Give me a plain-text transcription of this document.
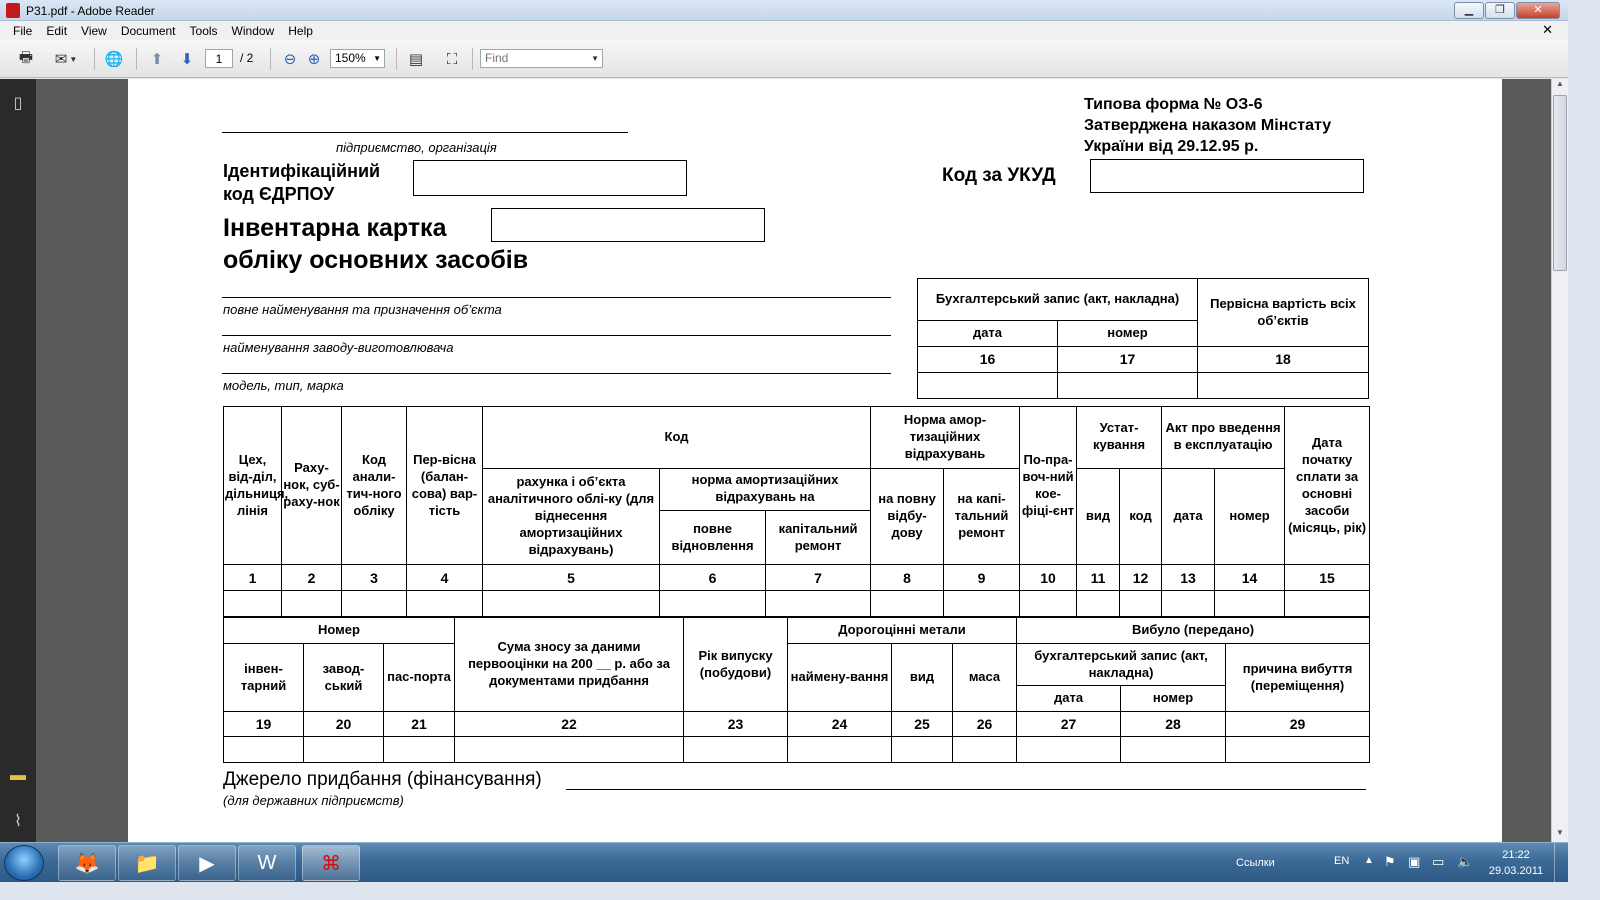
P31.pdf - Adobe Reader	▁	❐	✕
File	Edit	View	Document	Tools	Window	Help	✕
🖶	✉ ▼	🌐	⬆	⬇
1	/ 2 ⊖ ⊕	150% ▼	▤	⛶	Find	▼
▯
▬
⌇
Типова форма № ОЗ-6
Затверджена наказом Мінстату
України від 29.12.95 р.
підприємство, організація
Ідентифікаційний
код ЄДРПОУ
Код за УКУД
Інвентарна картка
обліку основних засобів
повне найменування та призначення об’єкта
найменування заводу-виготовлювача
модель, тип, марка
Бухгалтерський запис (акт, накладна)		Первісна вартість всіх об’єктів
дата	номер	
16	17	18

Цех, від-діл, дільниця, лінія	Раху-нок, суб-раху-нок	Код анали-тич-ного обліку	Пер-вісна (балан-сова) вар-тість	Код			Норма амор-тизаційних відрахувань		По-пра-воч-ний кое-фіці-єнт	Устат-кування		Акт про введення в експлуатацію		Дата початку сплати за основні засоби (місяць, рік)
				рахунка і об’єкта аналітичного облі-ку (для віднесення амортизаційних відрахувань)	норма амортизаційних відрахувань на		на повну відбу-дову	на капі-тальний ремонт		вид	код	дата	номер	
					повне відновлення	капітальний ремонт								
1	2	3	4	5	6	7	8	9	10	11	12	13	14	15

Номер			Сума зносу за даними первооцінки на 200 __ р. або за документами придбання	Рік випуску (побудови)	Дорогоцінні метали			Вибуло (передано)		
інвен-тарний	завод-ський	пас-порта			наймену-вання	вид	маса	бухгалтерський запис (акт, накладна)		причина вибуття (переміщення)
								дата	номер	
19	20	21	22	23	24	25	26	27	28	29

Джерело придбання (фінансування)
(для державних підприємств)
▲
▼
🦊	📁	▶	W	⌘	Ссылки	EN ▲ ⚑ ▣ ▭ 🔈	21:22
29.03.2011
